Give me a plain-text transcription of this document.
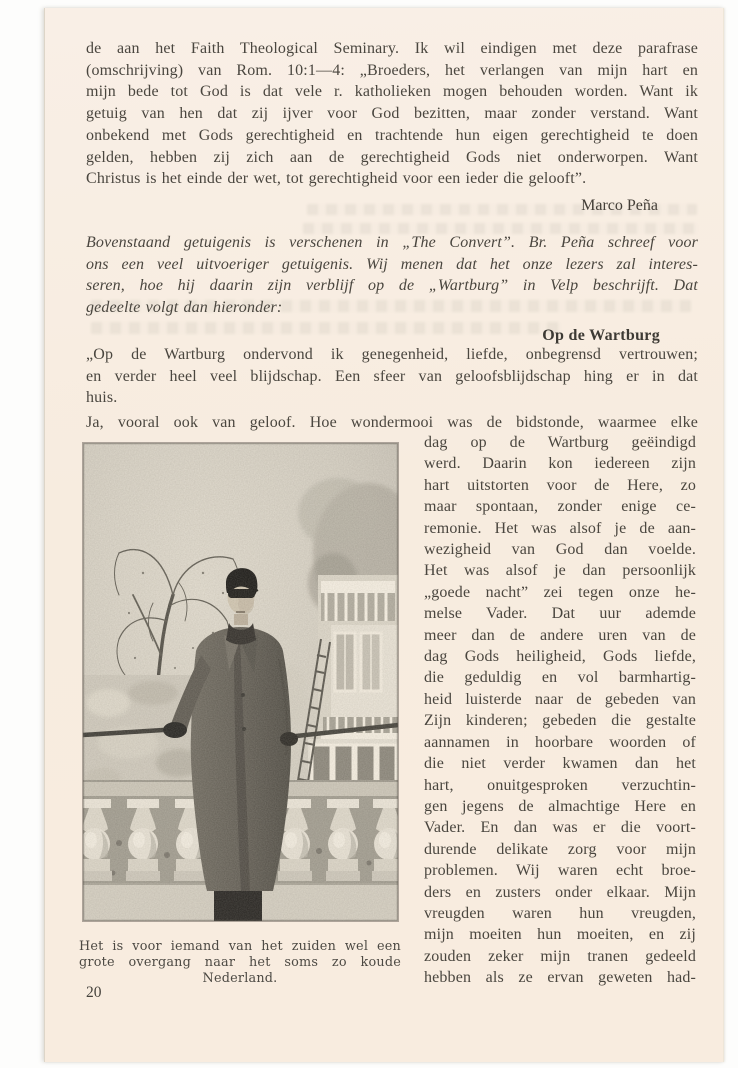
de aan het Faith Theological Seminary. Ik wil eindigen met deze parafrase
(omschrijving) van Rom. 10:1—4: „Broeders, het verlangen van mijn hart en
mijn bede tot God is dat vele r. katholieken mogen behouden worden. Want ik
getuig van hen dat zij ijver voor God bezitten, maar zonder verstand. Want
onbekend met Gods gerechtigheid en trachtende hun eigen gerechtigheid te doen
gelden, hebben zij zich aan de gerechtigheid Gods niet onderworpen. Want
Christus is het einde der wet, tot gerechtigheid voor een ieder die gelooft”.
Marco Peña
Bovenstaand getuigenis is verschenen in „The Convert”. Br. Peña schreef voor
ons een veel uitvoeriger getuigenis. Wij menen dat het onze lezers zal interes-
seren, hoe hij daarin zijn verblijf op de „Wartburg” in Velp beschrijft. Dat
gedeelte volgt dan hieronder:
Op de Wartburg
„Op de Wartburg ondervond ik genegenheid, liefde, onbegrensd vertrouwen;
en verder heel veel blijdschap. Een sfeer van geloofsblijdschap hing er in dat
huis.
Ja, vooral ook van geloof. Hoe wondermooi was de bidstonde, waarmee elke
dag op de Wartburg geëindigd
werd. Daarin kon iedereen zijn
hart uitstorten voor de Here, zo
maar spontaan, zonder enige ce-
remonie. Het was alsof je de aan-
wezigheid van God dan voelde.
Het was alsof je dan persoonlijk
„goede nacht” zei tegen onze he-
melse Vader. Dat uur ademde
meer dan de andere uren van de
dag Gods heiligheid, Gods liefde,
die geduldig en vol barmhartig-
heid luisterde naar de gebeden van
Zijn kinderen; gebeden die gestalte
aannamen in hoorbare woorden of
die niet verder kwamen dan het
hart, onuitgesproken verzuchtin-
gen jegens de almachtige Here en
Vader. En dan was er die voort-
durende delikate zorg voor mijn
problemen. Wij waren echt broe-
ders en zusters onder elkaar. Mijn
vreugden waren hun vreugden,
mijn moeiten hun moeiten, en zij
zouden zeker mijn tranen gedeeld
hebben als ze ervan geweten had-
Het is voor iemand van het zuiden wel een
grote overgang naar het soms zo koude
Nederland.
20
